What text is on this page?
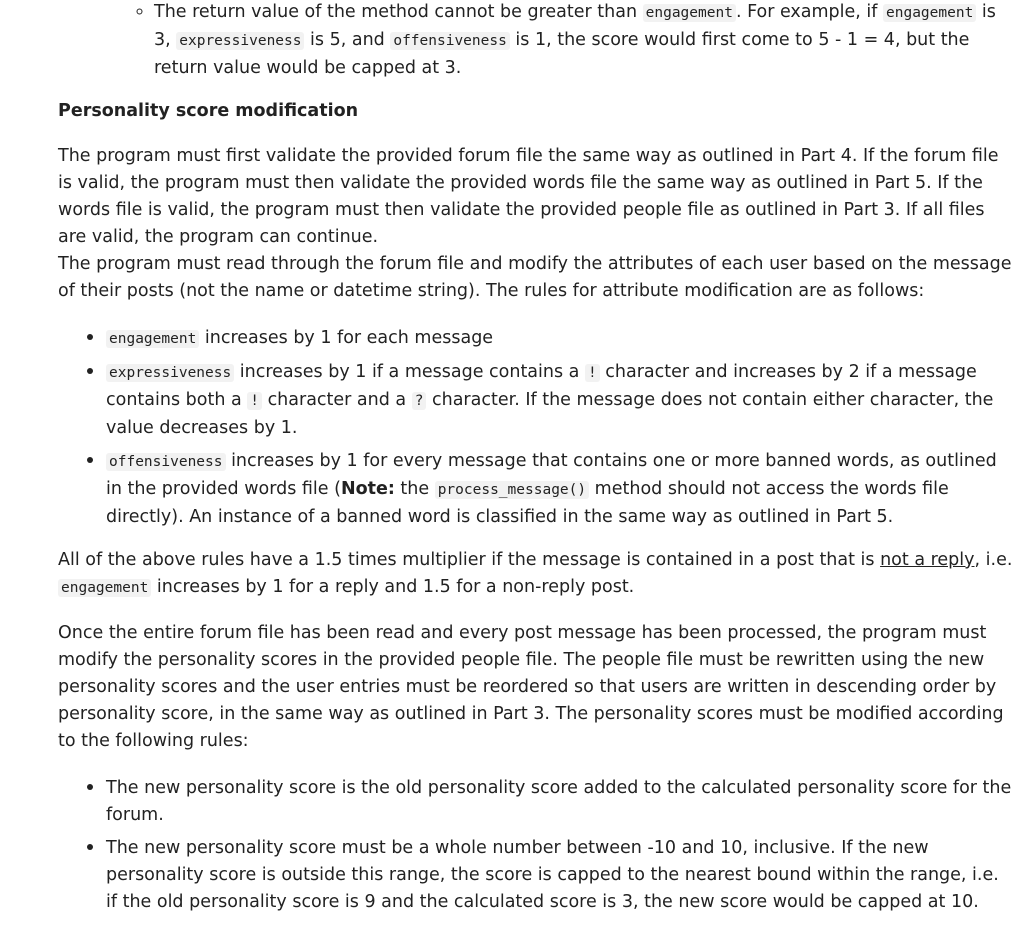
◦ The return value of the method cannot be greater than engagement . For example, if engagement is 3, expressiveness is 5, and offensiveness is 1, the score would first come to 5 - 1 = 4, but the return value would be capped at 3.

Personality score modification

The program must first validate the provided forum file the same way as outlined in Part 4. If the forum file is valid, the program must then validate the provided words file the same way as outlined in Part 5. If the words file is valid, the program must then validate the provided people file as outlined in Part 3. If all files are valid, the program can continue.

The program must read through the forum file and modify the attributes of each user based on the message of their posts (not the name or datetime string). The rules for attribute modification are as follows:

• engagement increases by 1 for each message
• expressiveness increases by 1 if a message contains a ! character and increases by 2 if a message contains both a ! character and a ? character. If the message does not contain either character, the value decreases by 1.
• offensiveness increases by 1 for every message that contains one or more banned words, as outlined in the provided words file (Note: the process_message() method should not access the words file directly). An instance of a banned word is classified in the same way as outlined in Part 5.

All of the above rules have a 1.5 times multiplier if the message is contained in a post that is not a reply, i.e. engagement increases by 1 for a reply and 1.5 for a non-reply post.

Once the entire forum file has been read and every post message has been processed, the program must modify the personality scores in the provided people file. The people file must be rewritten using the new personality scores and the user entries must be reordered so that users are written in descending order by personality score, in the same way as outlined in Part 3. The personality scores must be modified according to the following rules:

• The new personality score is the old personality score added to the calculated personality score for the forum.
• The new personality score must be a whole number between -10 and 10, inclusive. If the new personality score is outside this range, the score is capped to the nearest bound within the range, i.e. if the old personality score is 9 and the calculated score is 3, the new score would be capped at 10.
